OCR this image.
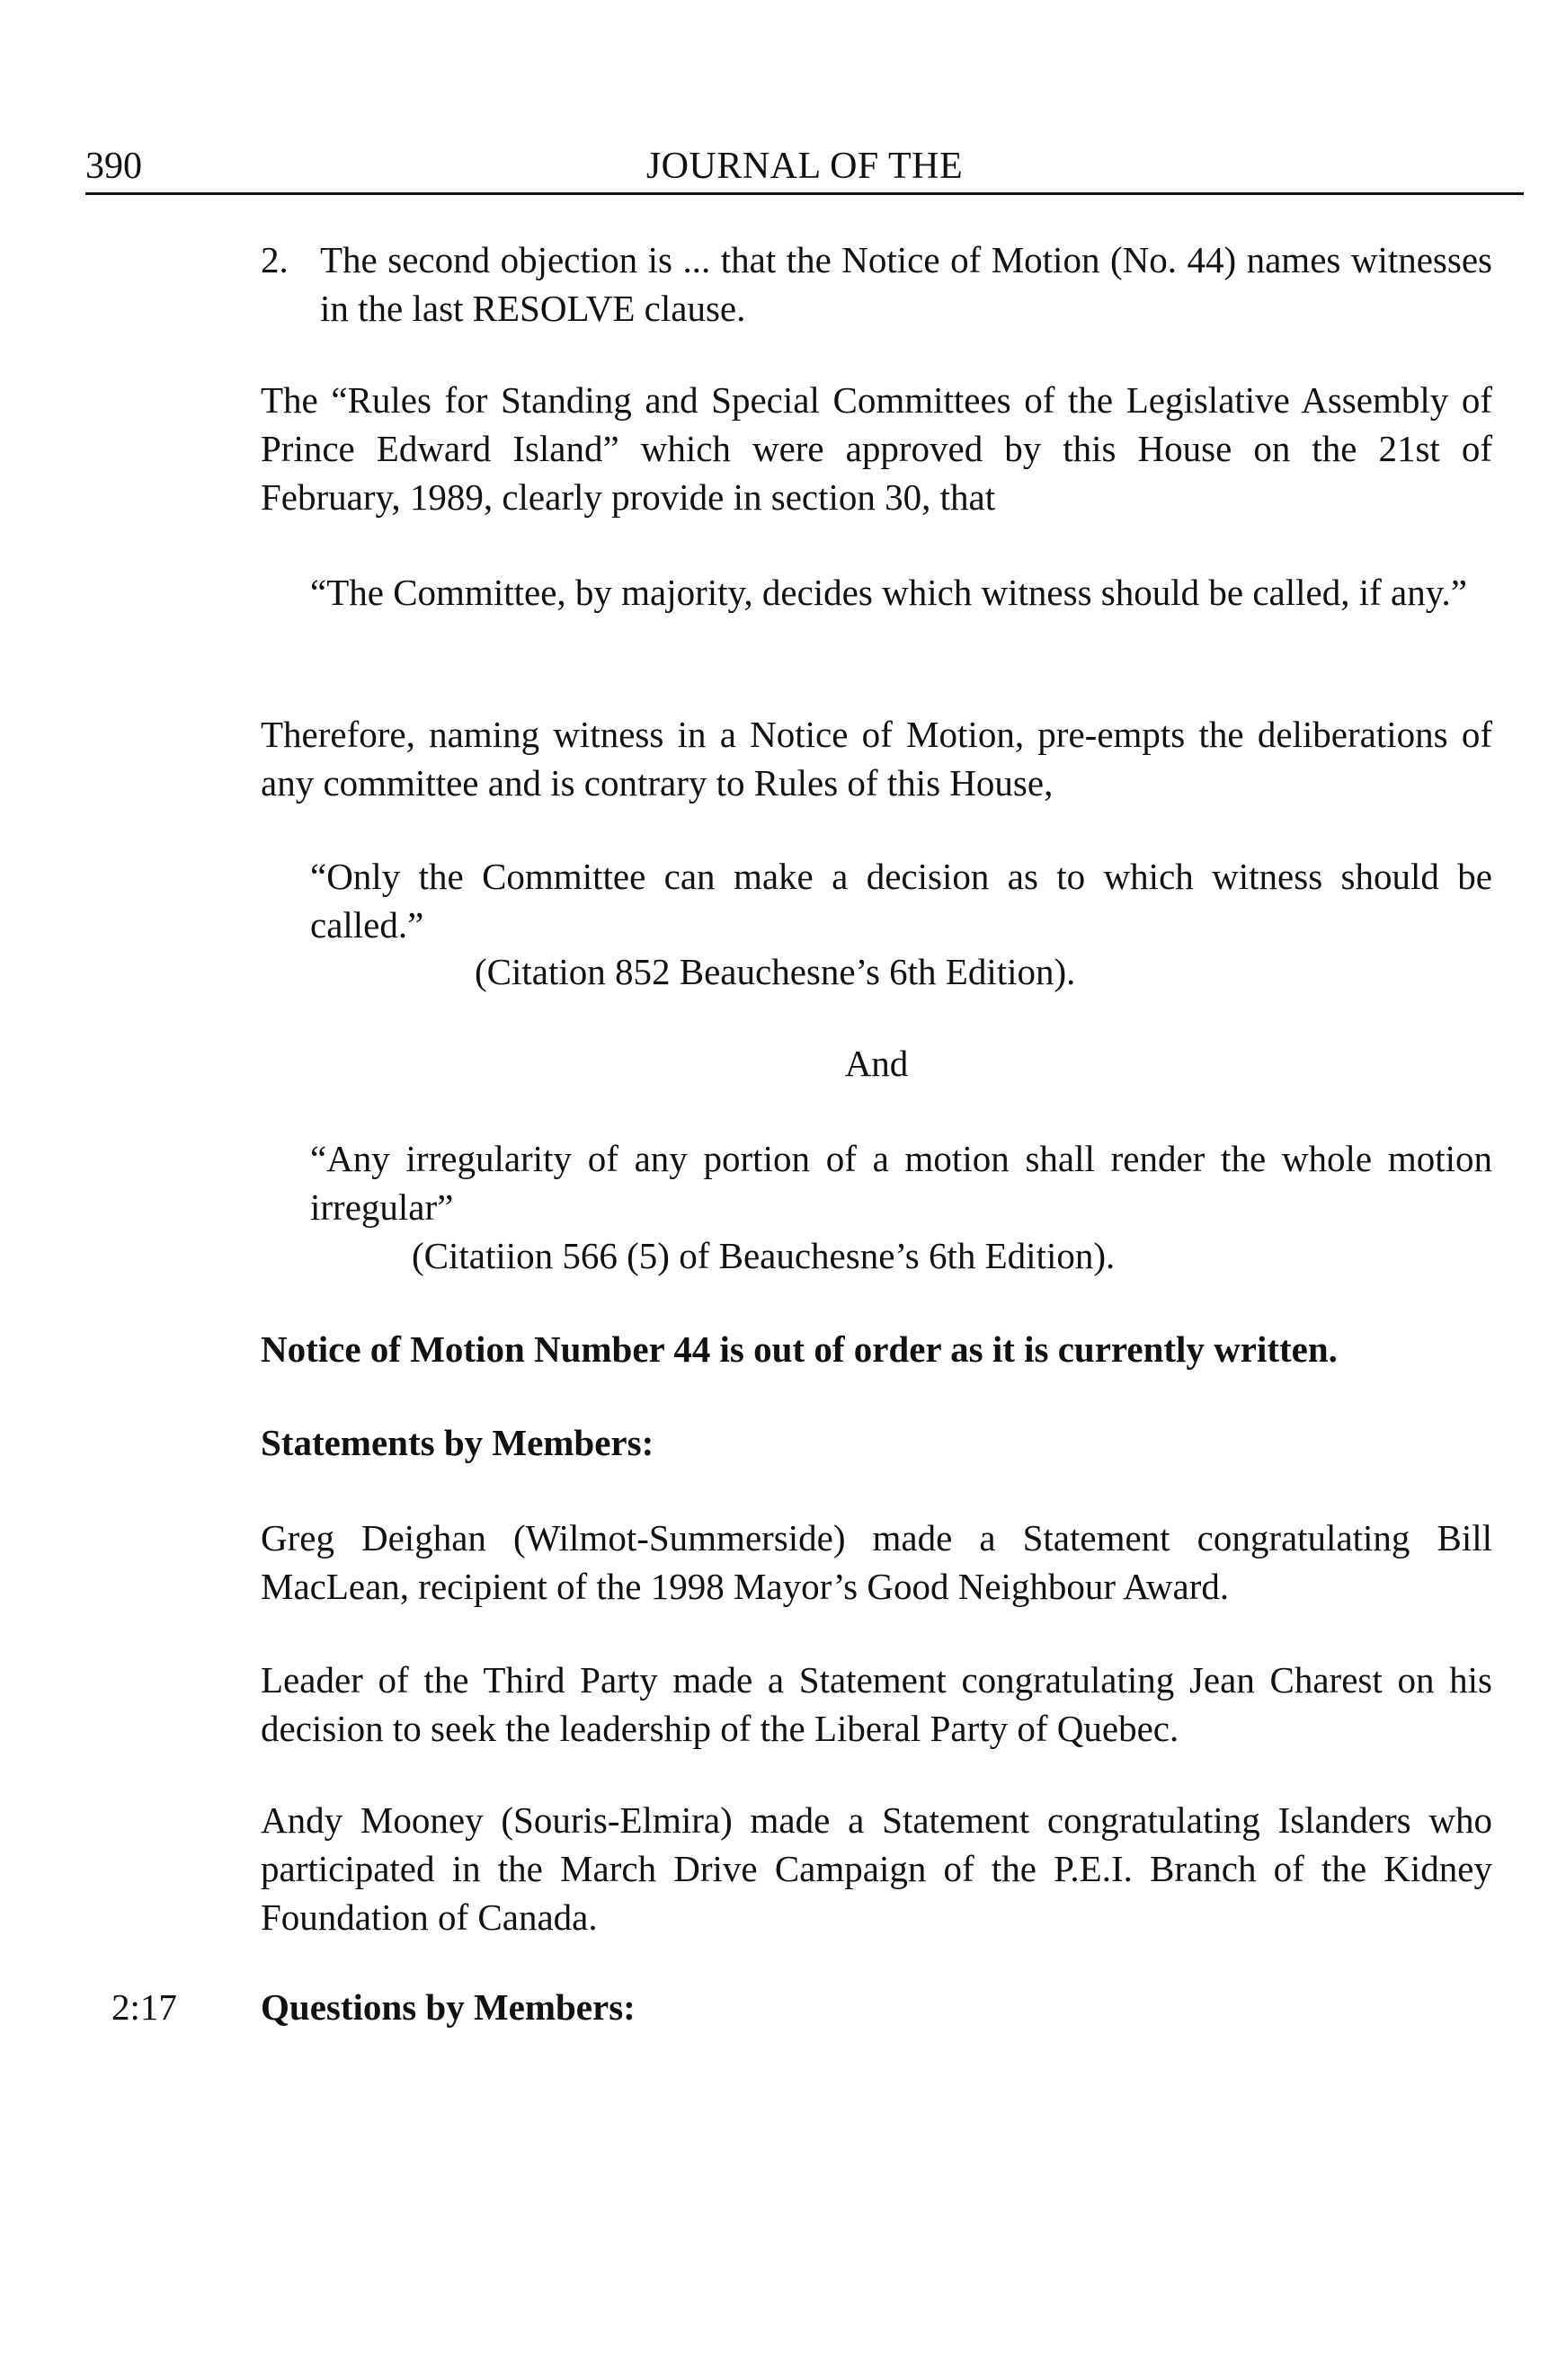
390	JOURNAL OF THE
2. The second objection is ... that the Notice of Motion (No. 44) names witnesses in the last RESOLVE clause.
The “Rules for Standing and Special Committees of the Legislative Assembly of Prince Edward Island” which were approved by this House on the 21st of February, 1989, clearly provide in section 30, that
“The Committee, by majority, decides which witness should be called, if any.”
Therefore, naming witness in a Notice of Motion, pre-empts the deliberations of any committee and is contrary to Rules of this House,
“Only the Committee can make a decision as to which witness should be called.”
(Citation 852 Beauchesne’s 6th Edition).
And
“Any irregularity of any portion of a motion shall render the whole motion irregular”
(Citatiion 566 (5) of Beauchesne’s 6th Edition).
Notice of Motion Number 44 is out of order as it is currently written.
Statements by Members:
Greg Deighan (Wilmot-Summerside) made a Statement congratulating Bill MacLean, recipient of the 1998 Mayor’s Good Neighbour Award.
Leader of the Third Party made a Statement congratulating Jean Charest on his decision to seek the leadership of the Liberal Party of Quebec.
Andy Mooney (Souris-Elmira) made a Statement congratulating Islanders who participated in the March Drive Campaign of the P.E.I. Branch of the Kidney Foundation of Canada.
2:17 Questions by Members:
